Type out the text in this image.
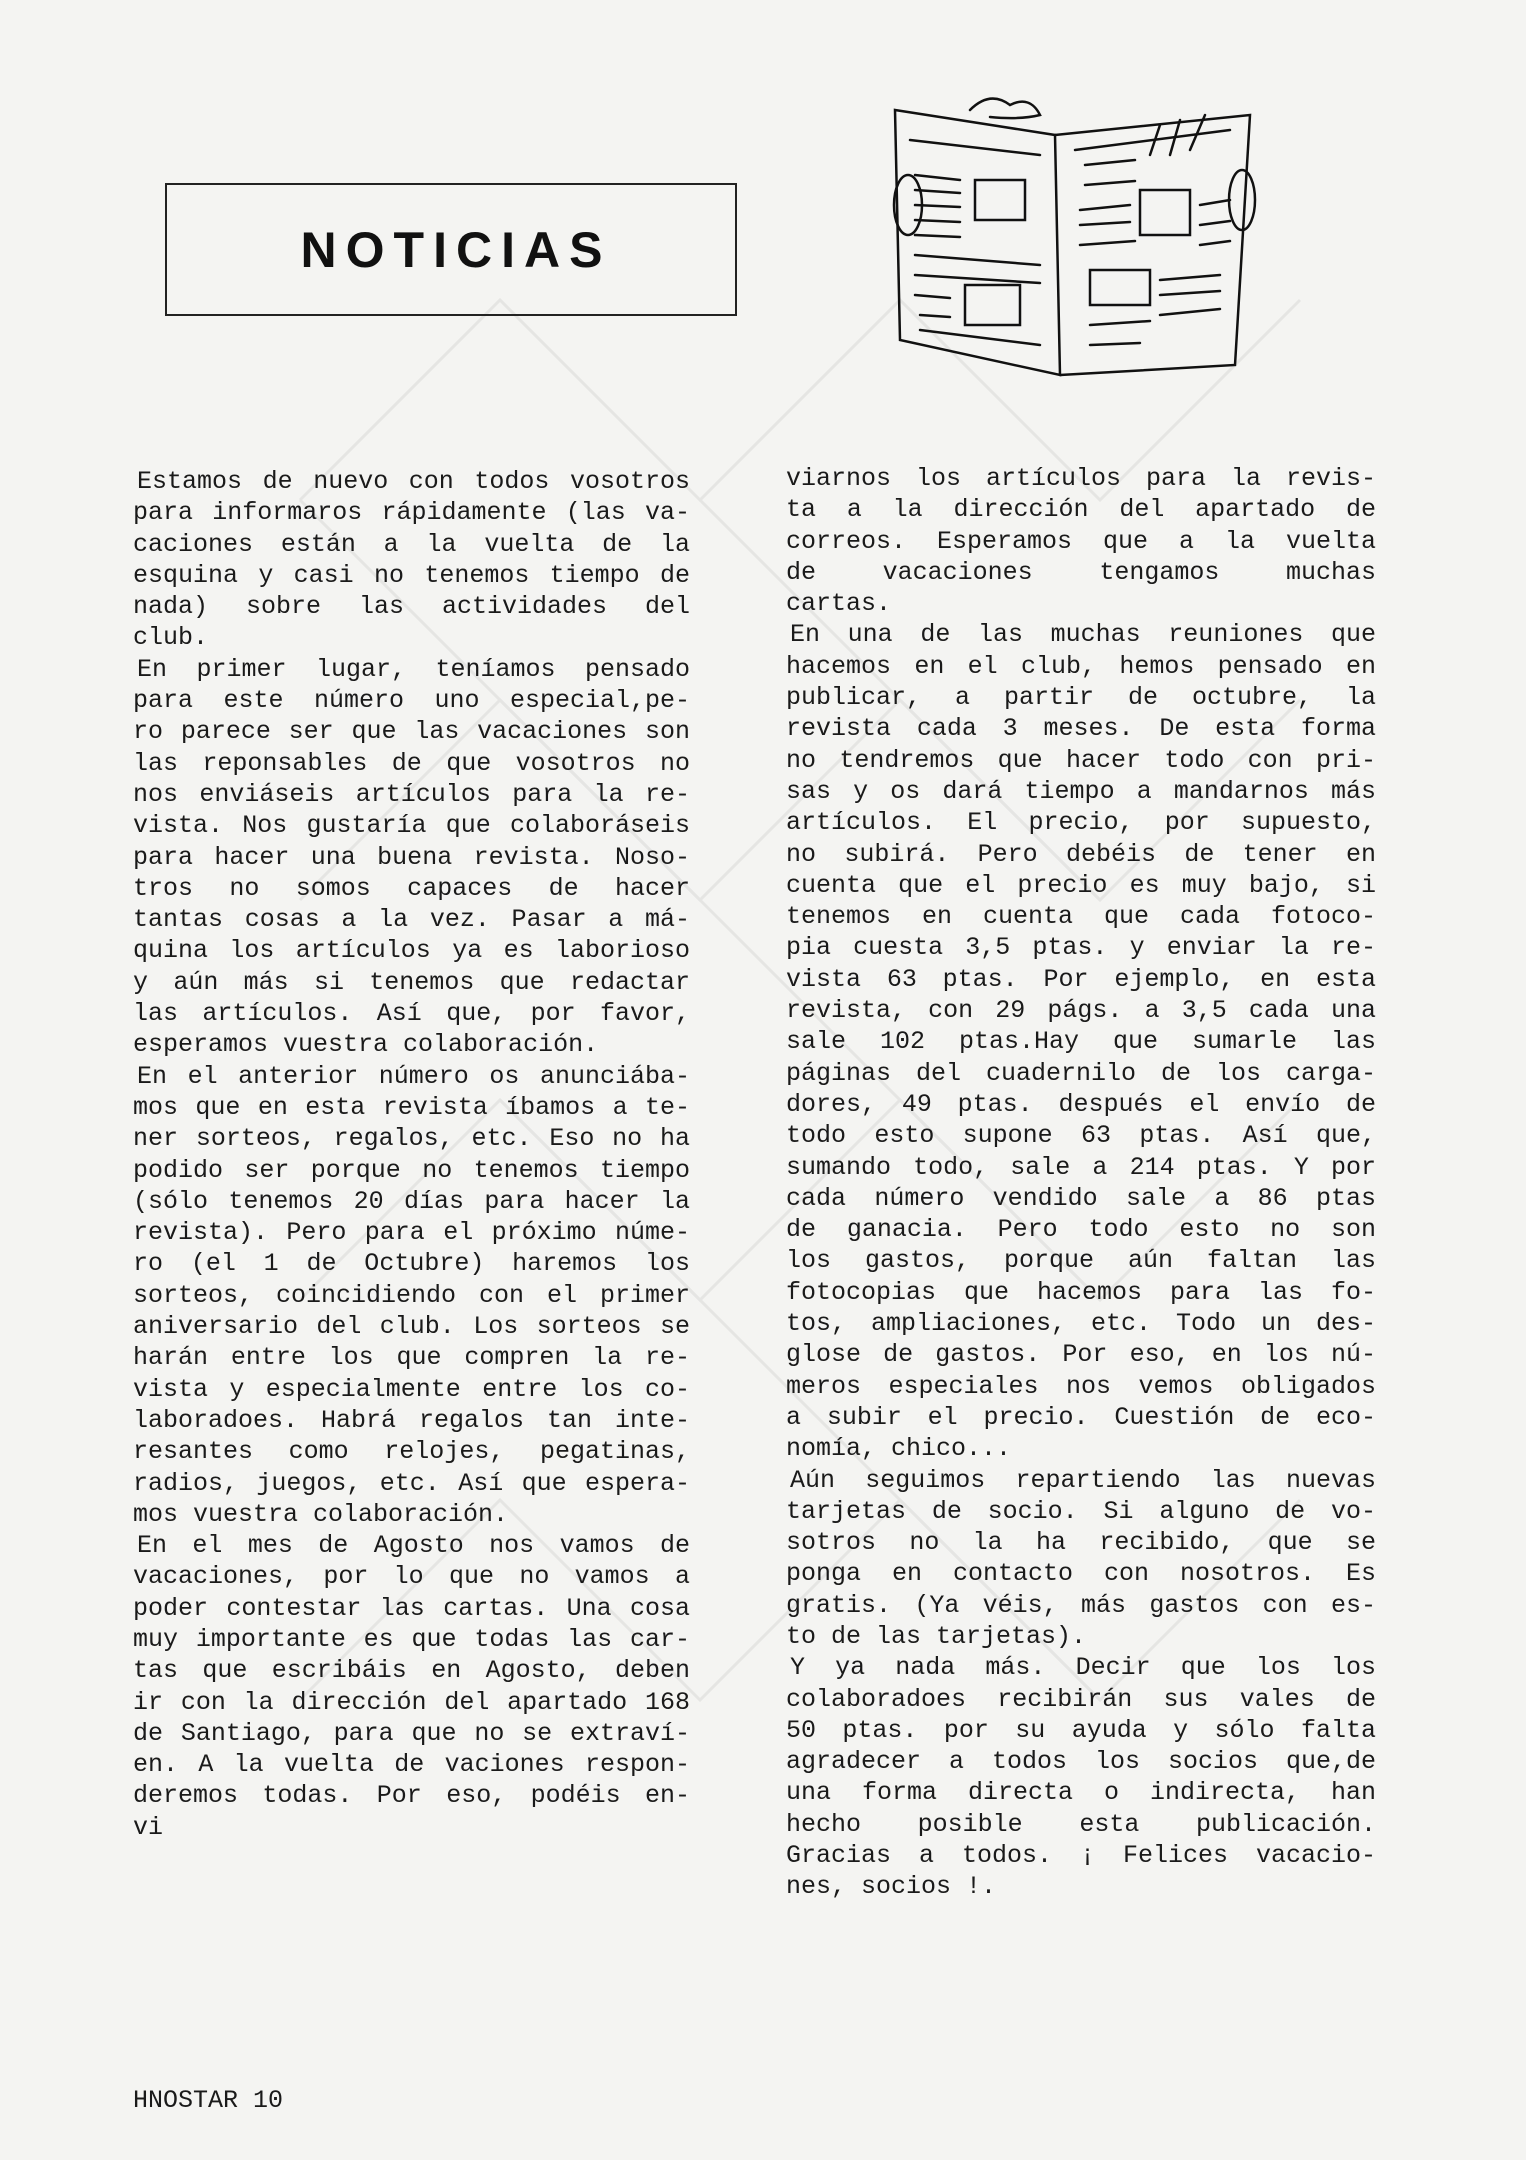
NOTICIAS
Estamos de nuevo con todos vosotros
para informaros rápidamente (las va-
caciones están a la vuelta de la
esquina y casi no tenemos tiempo de
nada) sobre las actividades del
club.
En primer lugar, teníamos pensado
para este número uno especial,pe-
ro parece ser que las vacaciones son
las reponsables de que vosotros no
nos enviáseis artículos para la re-
vista. Nos gustaría que colaboráseis
para hacer una buena revista. Noso-
tros no somos capaces de hacer
tantas cosas a la vez. Pasar a má-
quina los artículos ya es laborioso
y aún más si tenemos que redactar
las artículos. Así que, por favor,
esperamos vuestra colaboración.
En el anterior número os anunciába-
mos que en esta revista íbamos a te-
ner sorteos, regalos, etc. Eso no ha
podido ser porque no tenemos tiempo
(sólo tenemos 20 días para hacer la
revista). Pero para el próximo núme-
ro (el 1 de Octubre) haremos los
sorteos, coincidiendo con el primer
aniversario del club. Los sorteos se
harán entre los que compren la re-
vista y especialmente entre los co-
laboradoes. Habrá regalos tan inte-
resantes como relojes, pegatinas,
radios, juegos, etc. Así que espera-
mos vuestra colaboración.
En el mes de Agosto nos vamos de
vacaciones, por lo que no vamos a
poder contestar las cartas. Una cosa
muy importante es que todas las car-
tas que escribáis en Agosto, deben
ir con la dirección del apartado 168
de Santiago, para que no se extraví-
en. A la vuelta de vaciones respon-
deremos todas. Por eso, podéis en-
vi
viarnos los artículos para la revis-
ta a la dirección del apartado de
correos. Esperamos que a la vuelta
de vacaciones tengamos muchas
cartas.
En una de las muchas reuniones que
hacemos en el club, hemos pensado en
publicar, a partir de octubre, la
revista cada 3 meses. De esta forma
no tendremos que hacer todo con pri-
sas y os dará tiempo a mandarnos más
artículos. El precio, por supuesto,
no subirá. Pero debéis de tener en
cuenta que el precio es muy bajo, si
tenemos en cuenta que cada fotoco-
pia cuesta 3,5 ptas. y enviar la re-
vista 63 ptas. Por ejemplo, en esta
revista, con 29 págs. a 3,5 cada una
sale 102 ptas.Hay que sumarle las
páginas del cuadernilo de los carga-
dores, 49 ptas. después el envío de
todo esto supone 63 ptas. Así que,
sumando todo, sale a 214 ptas. Y por
cada número vendido sale a 86 ptas
de ganacia. Pero todo esto no son
los gastos, porque aún faltan las
fotocopias que hacemos para las fo-
tos, ampliaciones, etc. Todo un des-
glose de gastos. Por eso, en los nú-
meros especiales nos vemos obligados
a subir el precio. Cuestión de eco-
nomía, chico...
Aún seguimos repartiendo las nuevas
tarjetas de socio. Si alguno de vo-
sotros no la ha recibido, que se
ponga en contacto con nosotros. Es
gratis. (Ya véis, más gastos con es-
to de las tarjetas).
Y ya nada más. Decir que los los
colaboradoes recibirán sus vales de
50 ptas. por su ayuda y sólo falta
agradecer a todos los socios que,de
una forma directa o indirecta, han
hecho posible esta publicación.
Gracias a todos. ¡ Felices vacacio-
nes, socios !.
HNOSTAR 10
